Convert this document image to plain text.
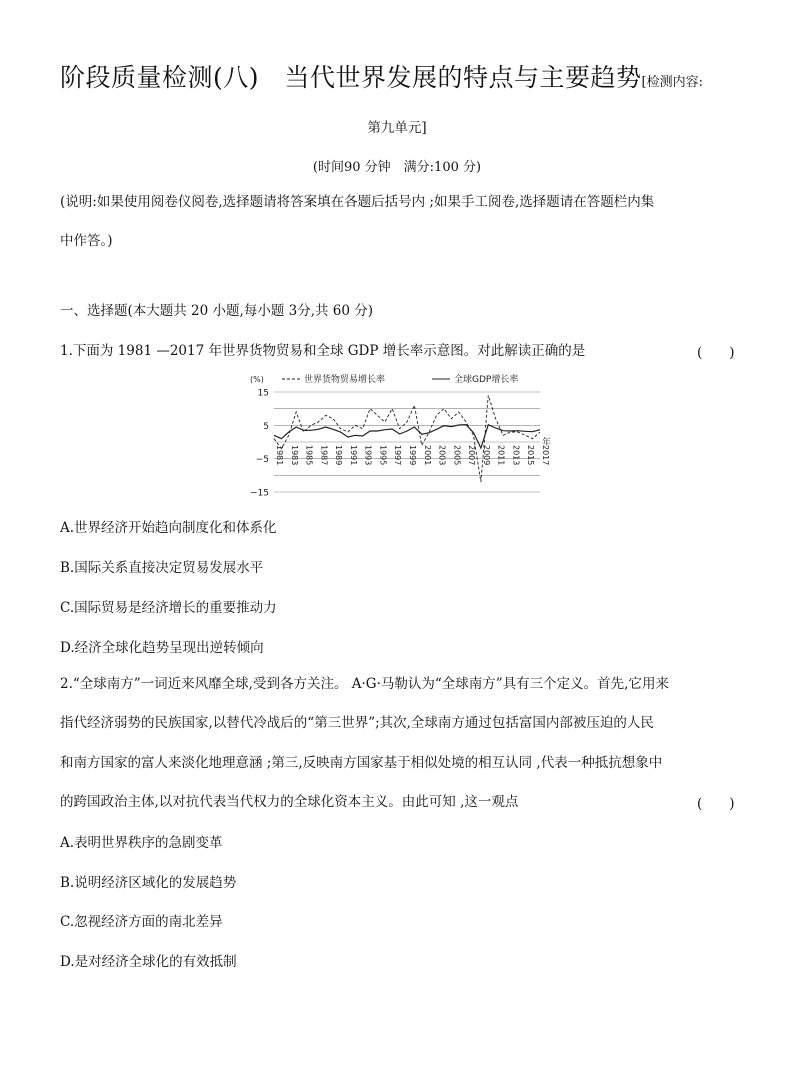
阶段质量检测(八)　当代世界发展的特点与主要趋势[检测内容:
第九单元]
(时间90 分钟　满分:100 分)
(说明:如果使用阅卷仪阅卷,选择题请将答案填在各题后括号内 ;如果手工阅卷,选择题请在答题栏内集
中作答。)
一、选择题(本大题共 20 小题,每小题 3分,共 60 分)
1.下面为 1981 —2017 年世界货物贸易和全球 GDP 增长率示意图。对此解读正确的是	(　　)
15
5
−5
−15
(%)
1981 1983 1985 1987 1989 1991 1993 1995 1997 1999 2001 2003 2005 2007 2009 2011 2013 2015 2017
年
世界货物贸易增长率	全球GDP增长率
A.世界经济开始趋向制度化和体系化
B.国际关系直接决定贸易发展水平
C.国际贸易是经济增长的重要推动力
D.经济全球化趋势呈现出逆转倾向
2.“全球南方”一词近来风靡全球,受到各方关注。 A·G·马勒认为“全球南方”具有三个定义。首先,它用来
指代经济弱势的民族国家,以替代冷战后的“第三世界”;其次,全球南方通过包括富国内部被压迫的人民
和南方国家的富人来淡化地理意涵 ;第三,反映南方国家基于相似处境的相互认同 ,代表一种抵抗想象中
的跨国政治主体,以对抗代表当代权力的全球化资本主义。由此可知 ,这一观点	(　　)
A.表明世界秩序的急剧变革
B.说明经济区域化的发展趋势
C.忽视经济方面的南北差异
D.是对经济全球化的有效抵制
